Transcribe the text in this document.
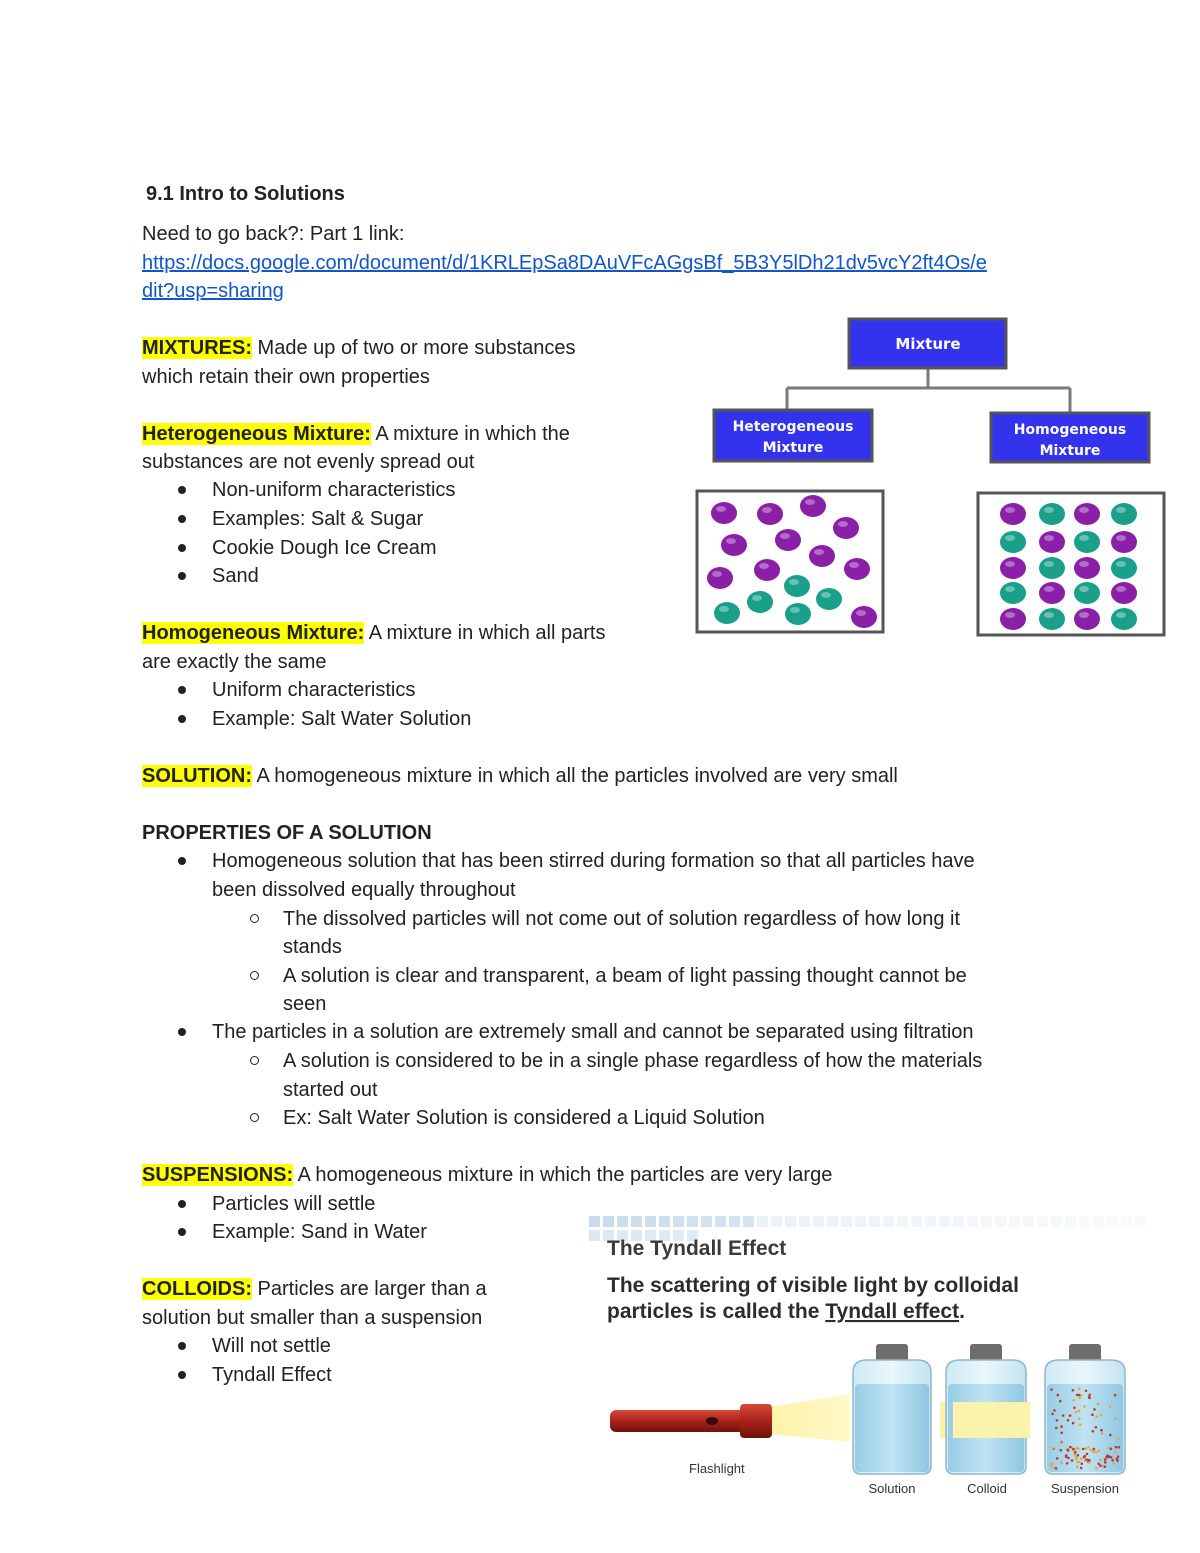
9.1 Intro to Solutions
Need to go back?: Part 1 link:
https://docs.google.com/document/d/1KRLEpSa8DAuVFcAGgsBf_5B3Y5lDh21dv5vcY2ft4Os/e
dit?usp=sharing
MIXTURES: Made up of two or more substances
which retain their own properties
Heterogeneous Mixture: A mixture in which the
substances are not evenly spread out
Non-uniform characteristics
Examples: Salt & Sugar
Cookie Dough Ice Cream
Sand
Homogeneous Mixture: A mixture in which all parts
are exactly the same
Uniform characteristics
Example: Salt Water Solution
SOLUTION: A homogeneous mixture in which all the particles involved are very small
PROPERTIES OF A SOLUTION
Homogeneous solution that has been stirred during formation so that all particles have
been dissolved equally throughout
The dissolved particles will not come out of solution regardless of how long it
stands
A solution is clear and transparent, a beam of light passing thought cannot be
seen
The particles in a solution are extremely small and cannot be separated using filtration
A solution is considered to be in a single phase regardless of how the materials
started out
Ex: Salt Water Solution is considered a Liquid Solution
SUSPENSIONS: A homogeneous mixture in which the particles are very large
Particles will settle
Example: Sand in Water
COLLOIDS: Particles are larger than a
solution but smaller than a suspension
Will not settle
Tyndall Effect
Mixture
Heterogeneous
Mixture
Homogeneous
Mixture
The Tyndall Effect
The scattering of visible light by colloidal
particles is called the Tyndall effect.
Flashlight
Solution	Colloid	Suspension
